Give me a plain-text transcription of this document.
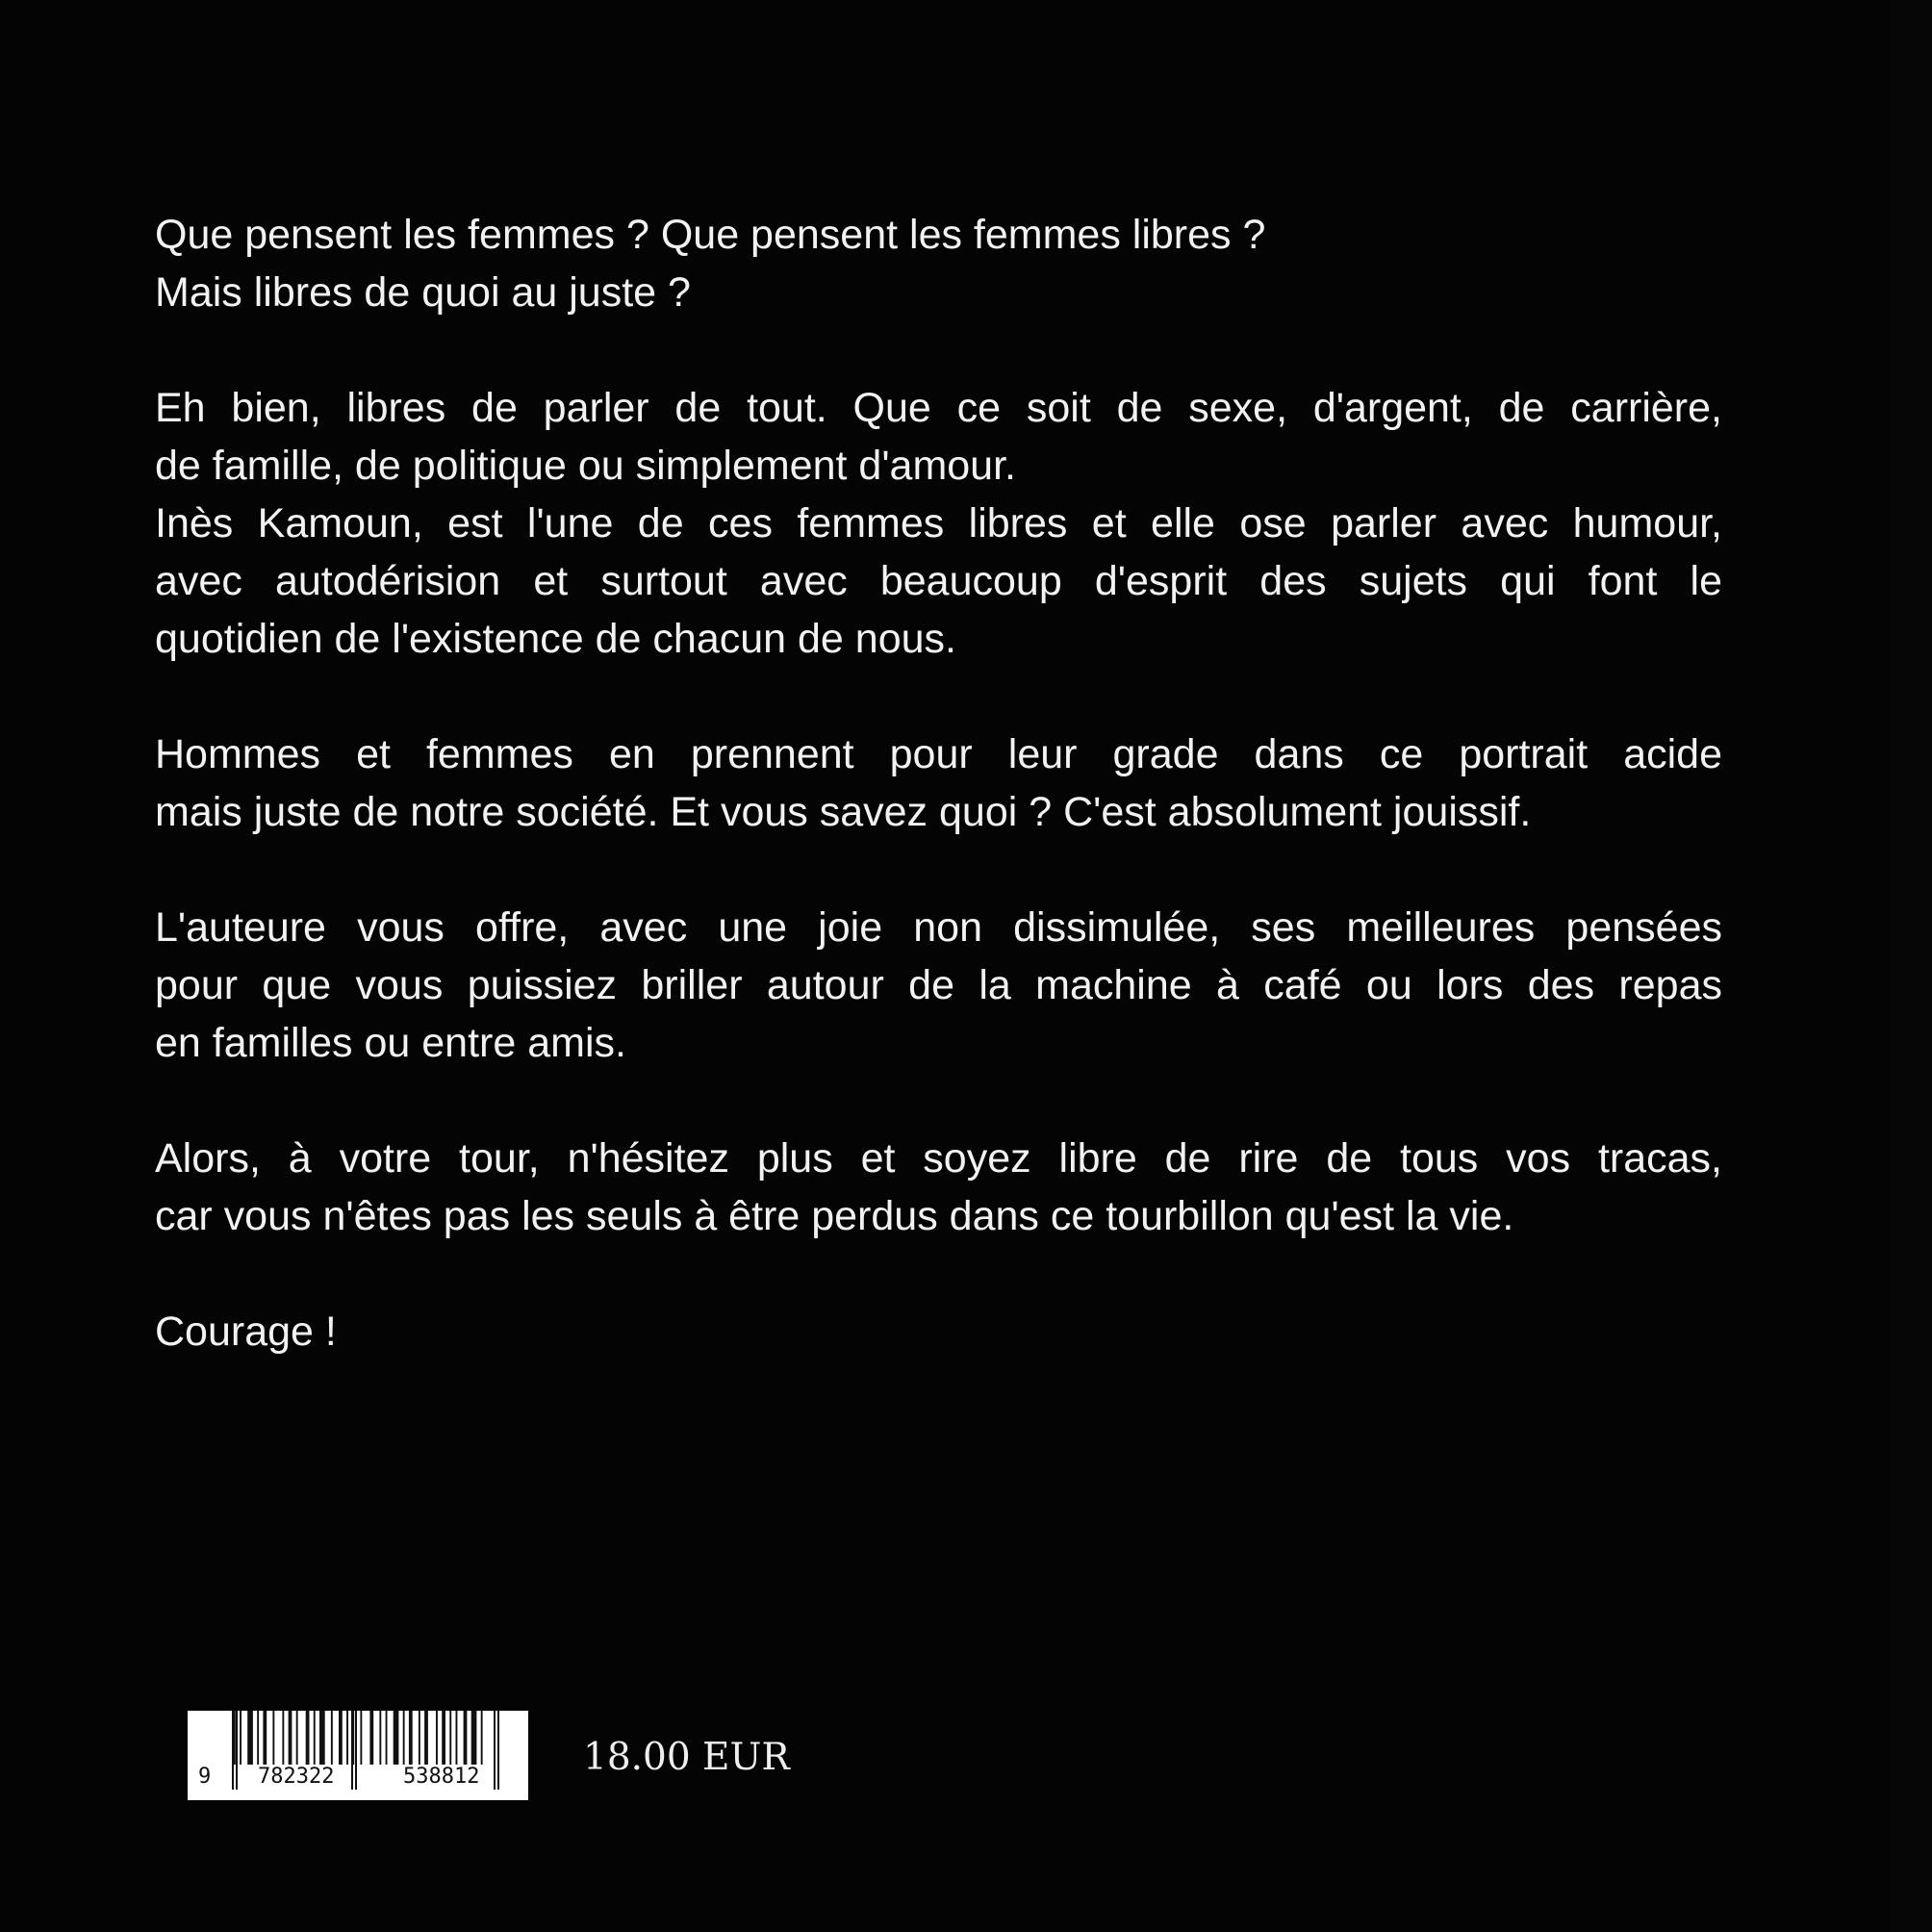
Que pensent les femmes ? Que pensent les femmes libres ?
Mais libres de quoi au juste ?
Eh bien, libres de parler de tout. Que ce soit de sexe, d'argent, de carrière,
de famille, de politique ou simplement d'amour.
Inès Kamoun, est l'une de ces femmes libres et elle ose parler avec humour,
avec autodérision et surtout avec beaucoup d'esprit des sujets qui font le
quotidien de l'existence de chacun de nous.
Hommes et femmes en prennent pour leur grade dans ce portrait acide
mais juste de notre société. Et vous savez quoi ? C'est absolument jouissif.
L'auteure vous offre, avec une joie non dissimulée, ses meilleures pensées
pour que vous puissiez briller autour de la machine à café ou lors des repas
en familles ou entre amis.
Alors, à votre tour, n'hésitez plus et soyez libre de rire de tous vos tracas,
car vous n'êtes pas les seuls à être perdus dans ce tourbillon qu'est la vie.
Courage !
9 782322	538812	18.00 EUR
